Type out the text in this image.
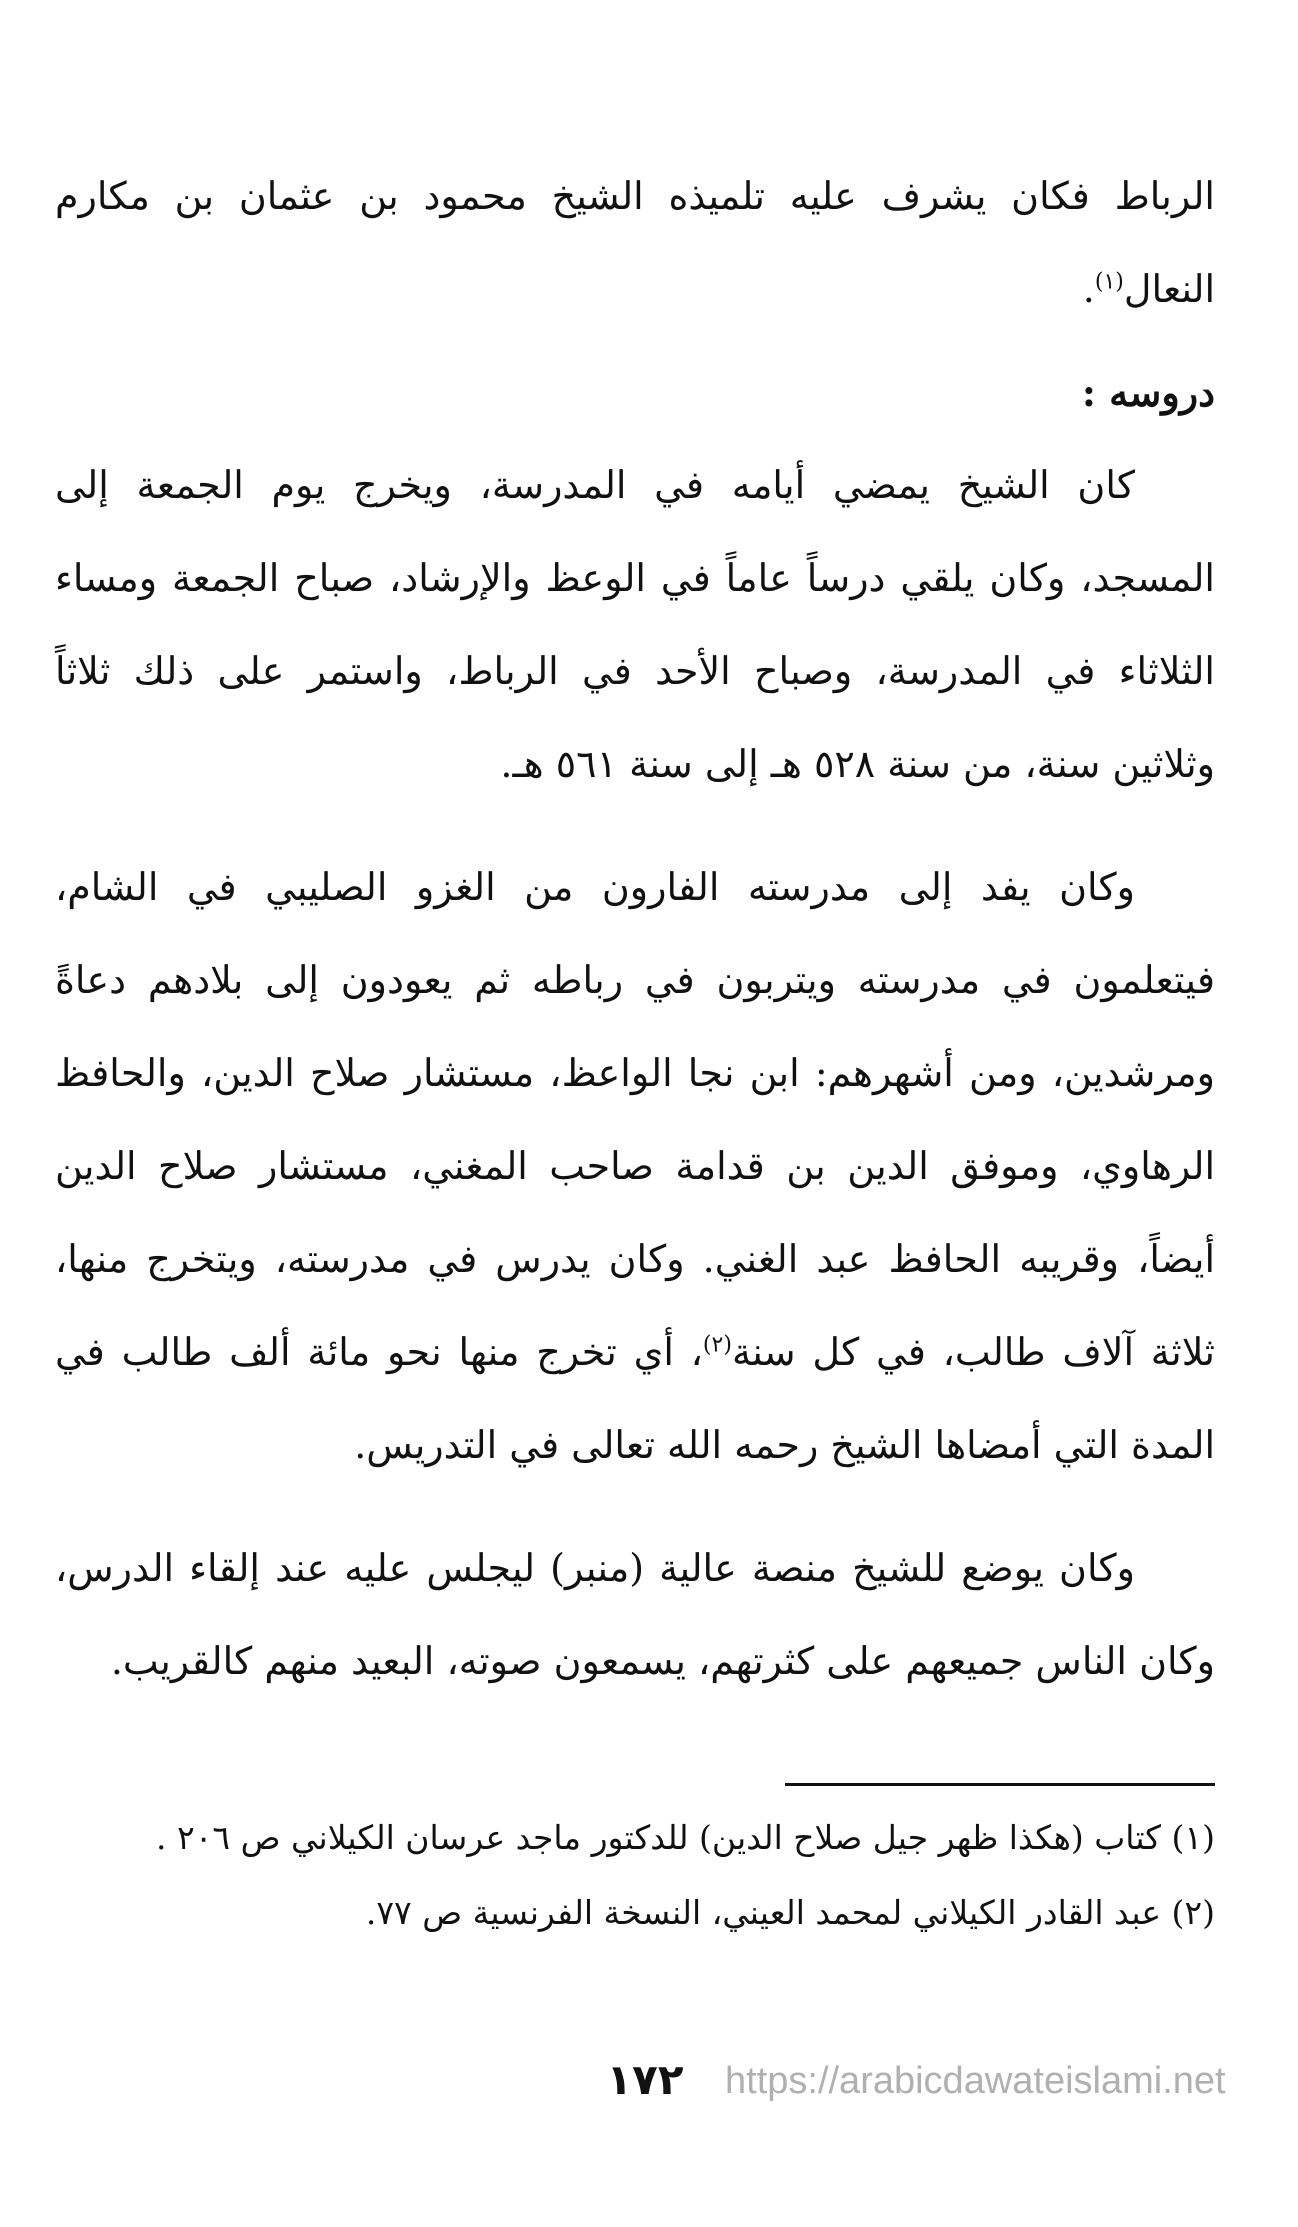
الرباط فكان يشرف عليه تلميذه الشيخ محمود بن عثمان بن مكارم النعال$^{(١)}$.

دروسه :

كان الشيخ يمضي أيامه في المدرسة، ويخرج يوم الجمعة إلى المسجد، وكان يلقي درساً عاماً في الوعظ والإرشاد، صباح الجمعة ومساء الثلاثاء في المدرسة، وصباح الأحد في الرباط، واستمر على ذلك ثلاثاً وثلاثين سنة، من سنة ٥٢٨ هـ إلى سنة ٥٦١ هـ.

وكان يفد إلى مدرسته الفارون من الغزو الصليبي في الشام، فيتعلمون في مدرسته ويتربون في رباطه ثم يعودون إلى بلادهم دعاةً ومرشدين، ومن أشهرهم: ابن نجا الواعظ، مستشار صلاح الدين، والحافظ الرهاوي، وموفق الدين بن قدامة صاحب المغني، مستشار صلاح الدين أيضاً، وقريبه الحافظ عبد الغني. وكان يدرس في مدرسته، ويتخرج منها، ثلاثة آلاف طالب، في كل سنة$^{(٢)}$، أي تخرج منها نحو مائة ألف طالب في المدة التي أمضاها الشيخ رحمه الله تعالى في التدريس.

وكان يوضع للشيخ منصة عالية (منبر) ليجلس عليه عند إلقاء الدرس، وكان الناس جميعهم على كثرتهم، يسمعون صوته، البعيد منهم كالقريب.

(١) كتاب (هكذا ظهر جيل صلاح الدين) للدكتور ماجد عرسان الكيلاني ص ٢٠٦ .

(٢) عبد القادر الكيلاني لمحمد العيني، النسخة الفرنسية ص ٧٧.

١٧٢ https://arabicdawateislami.net
